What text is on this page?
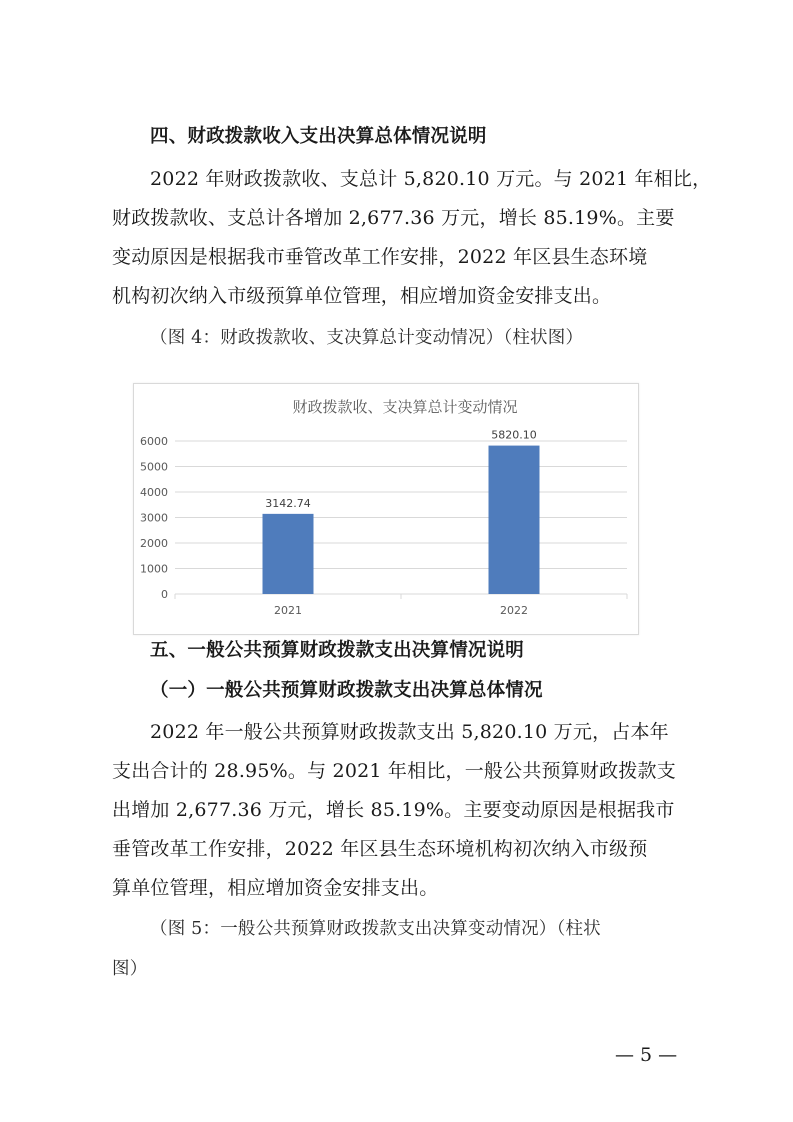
四、财政拨款收入支出决算总体情况说明
2022 年财政拨款收、支总计 5,820.10 万元。与 2021 年相比，
财政拨款收、支总计各增加 2,677.36 万元，增长 85.19%。主要
变动原因是根据我市垂管改革工作安排，2022 年区县生态环境
机构初次纳入市级预算单位管理，相应增加资金安排支出。
（图 4：财政拨款收、支决算总计变动情况）（柱状图）
财政拨款收、支决算总计变动情况
0
1000
2000
3000
4000
5000
6000
3142.74
2021
5820.10
2022
五、一般公共预算财政拨款支出决算情况说明
（一）一般公共预算财政拨款支出决算总体情况
2022 年一般公共预算财政拨款支出 5,820.10 万元，占本年
支出合计的 28.95%。与 2021 年相比，一般公共预算财政拨款支
出增加 2,677.36 万元，增长 85.19%。主要变动原因是根据我市
垂管改革工作安排，2022 年区县生态环境机构初次纳入市级预
算单位管理，相应增加资金安排支出。
（图 5：一般公共预算财政拨款支出决算变动情况）（柱状
图）
— 5 —
